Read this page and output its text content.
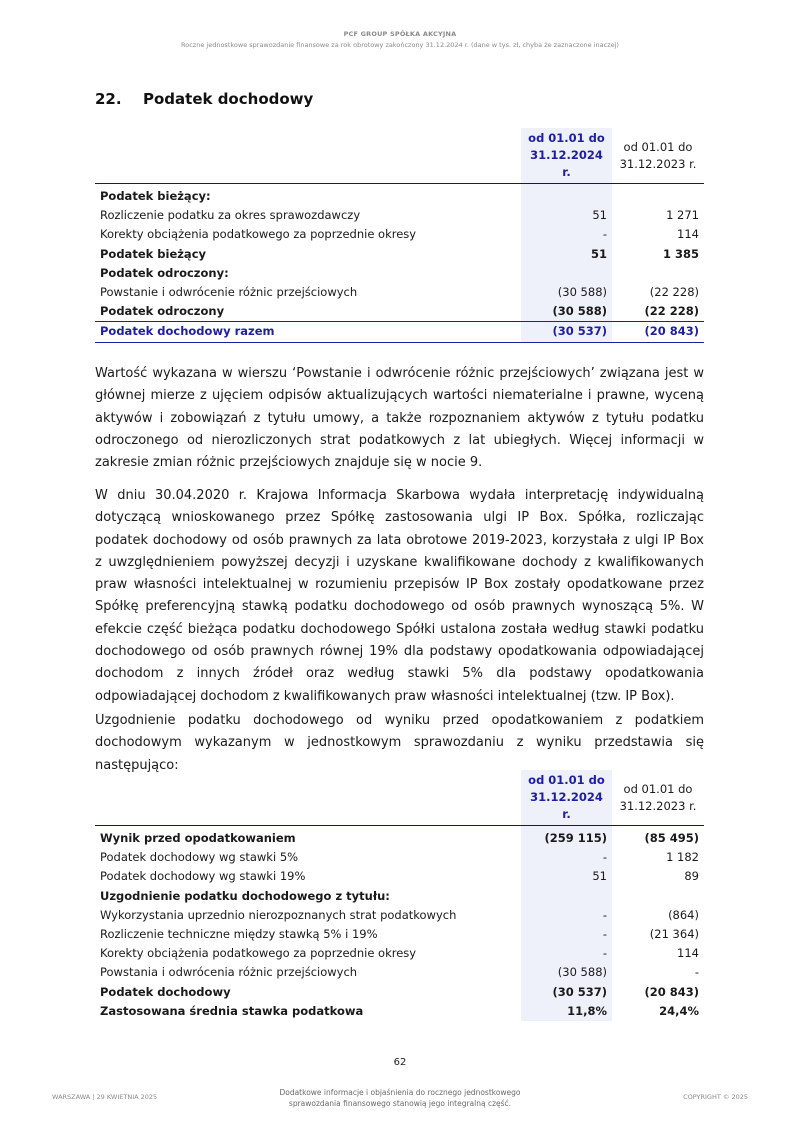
PCF GROUP SPÓŁKA AKCYJNA
Roczne jednostkowe sprawozdanie finansowe za rok obrotowy zakończony 31.12.2024 r. (dane w tys. zł, chyba że zaznaczone inaczej)
22. Podatek dochodowy
	od 01.01 do 31.12.2024 r.	od 01.01 do 31.12.2023 r.
Podatek bieżący:		
Rozliczenie podatku za okres sprawozdawczy	51	1 271
Korekty obciążenia podatkowego za poprzednie okresy	-	114
Podatek bieżący	51	1 385
Podatek odroczony:		
Powstanie i odwrócenie różnic przejściowych	(30 588)	(22 228)
Podatek odroczony	(30 588)	(22 228)
Podatek dochodowy razem	(30 537)	(20 843)

Wartość wykazana w wierszu ‘Powstanie i odwrócenie różnic przejściowych’ związana jest w głównej mierze z ujęciem odpisów aktualizujących wartości niematerialne i prawne, wyceną aktywów i zobowiązań z tytułu umowy, a także rozpoznaniem aktywów z tytułu podatku odroczonego od nierozliczonych strat podatkowych z lat ubiegłych. Więcej informacji w zakresie zmian różnic przejściowych znajduje się w nocie 9.

W dniu 30.04.2020 r. Krajowa Informacja Skarbowa wydała interpretację indywidualną dotyczącą wnioskowanego przez Spółkę zastosowania ulgi IP Box. Spółka, rozliczając podatek dochodowy od osób prawnych za lata obrotowe 2019-2023, korzystała z ulgi IP Box z uwzględnieniem powyższej decyzji i uzyskane kwalifikowane dochody z kwalifikowanych praw własności intelektualnej w rozumieniu przepisów IP Box zostały opodatkowane przez Spółkę preferencyjną stawką podatku dochodowego od osób prawnych wynoszącą 5%. W efekcie część bieżąca podatku dochodowego Spółki ustalona została według stawki podatku dochodowego od osób prawnych równej 19% dla podstawy opodatkowania odpowiadającej dochodom z innych źródeł oraz według stawki 5% dla podstawy opodatkowania odpowiadającej dochodom z kwalifikowanych praw własności intelektualnej (tzw. IP Box).

Uzgodnienie podatku dochodowego od wyniku przed opodatkowaniem z podatkiem dochodowym wykazanym w jednostkowym sprawozdaniu z wyniku przedstawia się następująco:

	od 01.01 do 31.12.2024 r.	od 01.01 do 31.12.2023 r.
Wynik przed opodatkowaniem	(259 115)	(85 495)
Podatek dochodowy wg stawki 5%	-	1 182
Podatek dochodowy wg stawki 19%	51	89
Uzgodnienie podatku dochodowego z tytułu:		
Wykorzystania uprzednio nierozpoznanych strat podatkowych	-	(864)
Rozliczenie techniczne między stawką 5% i 19%	-	(21 364)
Korekty obciążenia podatkowego za poprzednie okresy	-	114
Powstania i odwrócenia różnic przejściowych	(30 588)	-
Podatek dochodowy	(30 537)	(20 843)
Zastosowana średnia stawka podatkowa	11,8%	24,4%
62
WARSZAWA | 29 KWIETNIA 2025	Dodatkowe informacje i objaśnienia do rocznego jednostkowego
sprawozdania finansowego stanowią jego integralną część.
COPYRIGHT © 2025
